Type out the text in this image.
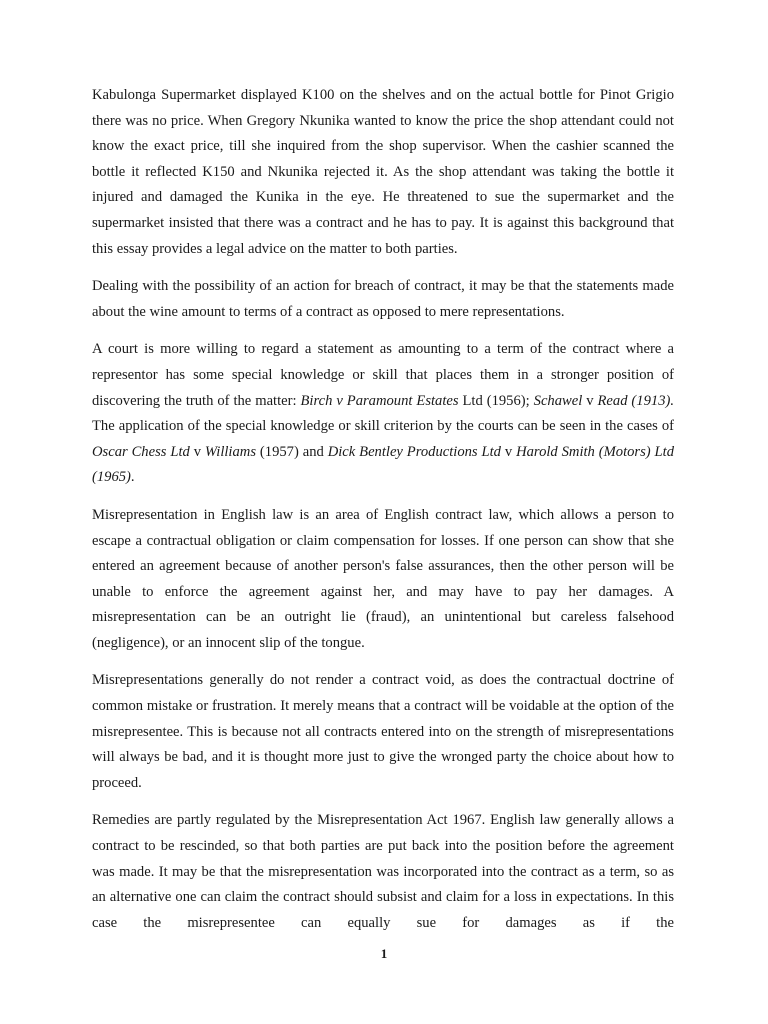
Kabulonga Supermarket displayed K100 on the shelves and on the actual bottle for Pinot Grigio there was no price. When Gregory Nkunika wanted to know the price the shop attendant could not know the exact price, till she inquired from the shop supervisor. When the cashier scanned the bottle it reflected K150 and Nkunika rejected it. As the shop attendant was taking the bottle it injured and damaged the Kunika in the eye. He threatened to sue the supermarket and the supermarket insisted that there was a contract and he has to pay. It is against this background that this essay provides a legal advice on the matter to both parties.

Dealing with the possibility of an action for breach of contract, it may be that the statements made about the wine amount to terms of a contract as opposed to mere representations.

A court is more willing to regard a statement as amounting to a term of the contract where a representor has some special knowledge or skill that places them in a stronger position of discovering the truth of the matter: Birch v Paramount Estates Ltd (1956); Schawel v Read (1913). The application of the special knowledge or skill criterion by the courts can be seen in the cases of Oscar Chess Ltd v Williams (1957) and Dick Bentley Productions Ltd v Harold Smith (Motors) Ltd (1965).

Misrepresentation in English law is an area of English contract law, which allows a person to escape a contractual obligation or claim compensation for losses. If one person can show that she entered an agreement because of another person's false assurances, then the other person will be unable to enforce the agreement against her, and may have to pay her damages. A misrepresentation can be an outright lie (fraud), an unintentional but careless falsehood (negligence), or an innocent slip of the tongue.

Misrepresentations generally do not render a contract void, as does the contractual doctrine of common mistake or frustration. It merely means that a contract will be voidable at the option of the misrepresentee. This is because not all contracts entered into on the strength of misrepresentations will always be bad, and it is thought more just to give the wronged party the choice about how to proceed.

Remedies are partly regulated by the Misrepresentation Act 1967. English law generally allows a contract to be rescinded, so that both parties are put back into the position before the agreement was made. It may be that the misrepresentation was incorporated into the contract as a term, so as an alternative one can claim the contract should subsist and claim for a loss in expectations. In this case the misrepresentee can equally sue for damages as if the

1
